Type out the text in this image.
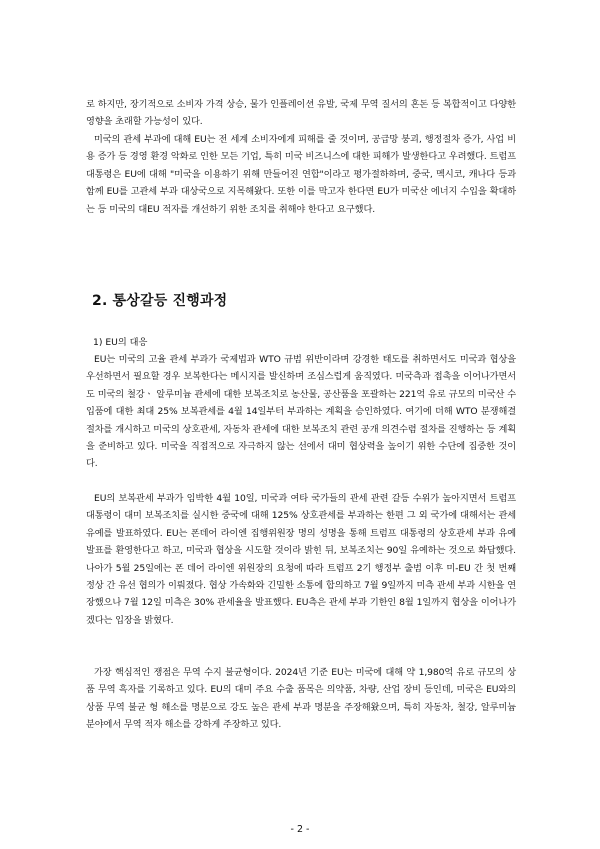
로 하지만, 장기적으로 소비자 가격 상승, 물가 인플레이션 유발, 국제 무역 질서의 혼돈 등 복합적이고 다양한 영향을 초래할 가능성이 있다.

미국의 관세 부과에 대해 EU는 전 세계 소비자에게 피해를 줄 것이며, 공급망 붕괴, 행정절차 증가, 사업 비용 증가 등 경영 환경 악화로 인한 모든 기업, 특히 미국 비즈니스에 대한 피해가 발생한다고 우려했다. 트럼프 대통령은 EU에 대해 "미국을 이용하기 위해 만들어진 연합"이라고 평가절하하며, 중국, 멕시코, 캐나다 등과 함께 EU를 고관세 부과 대상국으로 지목해왔다. 또한 이를 막고자 한다면 EU가 미국산 에너지 수입을 확대하는 등 미국의 대EU 적자를 개선하기 위한 조치를 취해야 한다고 요구했다.

2. 통상갈등 진행과정

1) EU의 대응

EU는 미국의 고율 관세 부과가 국제법과 WTO 규범 위반이라며 강경한 태도를 취하면서도 미국과 협상을 우선하면서 필요할 경우 보복한다는 메시지를 발신하며 조심스럽게 움직였다. 미국측과 접촉을 이어나가면서도 미국의 철강ㆍ 알루미늄 관세에 대한 보복조치로 농산물, 공산품을 포괄하는 221억 유로 규모의 미국산 수입품에 대한 최대 25% 보복관세를 4월 14일부터 부과하는 계획을 승인하였다. 여기에 더해 WTO 분쟁해결절차를 개시하고 미국의 상호관세, 자동차 관세에 대한 보복조치 관련 공개 의견수렴 절차를 진행하는 등 계획을 준비하고 있다. 미국을 직접적으로 자극하지 않는 선에서 대미 협상력을 높이기 위한 수단에 집중한 것이다.

EU의 보복관세 부과가 임박한 4월 10일, 미국과 여타 국가들의 관세 관련 갈등 수위가 높아지면서 트럼프 대통령이 대미 보복조치를 실시한 중국에 대해 125% 상호관세를 부과하는 한편 그 외 국가에 대해서는 관세 유예를 발표하였다. EU는 폰데어 라이엔 집행위원장 명의 성명을 통해 트럼프 대통령의 상호관세 부과 유예 발표를 환영한다고 하고, 미국과 협상을 시도할 것이라 밝힌 뒤, 보복조치는 90일 유예하는 것으로 화답했다. 나아가 5월 25일에는 폰 데어 라이엔 위원장의 요청에 따라 트럼프 2기 행정부 출범 이후 미-EU 간 첫 번째 정상 간 유선 협의가 이뤄졌다. 협상 가속화와 긴밀한 소통에 합의하고 7월 9일까지 미측 관세 부과 시한을 연장했으나 7월 12일 미측은 30% 관세율을 발표했다. EU측은 관세 부과 기한인 8월 1일까지 협상을 이어나가겠다는 입장을 밝혔다.

가장 핵심적인 쟁점은 무역 수지 불균형이다. 2024년 기준 EU는 미국에 대해 약 1,980억 유로 규모의 상품 무역 흑자를 기록하고 있다. EU의 대미 주요 수출 품목은 의약품, 차량, 산업 장비 등인데, 미국은 EU와의 상품 무역 불균 형 해소를 명분으로 강도 높은 관세 부과 명분을 주장해왔으며, 특히 자동차, 철강, 알루미늄 분야에서 무역 적자 해소를 강하게 주장하고 있다.

- 2 -
